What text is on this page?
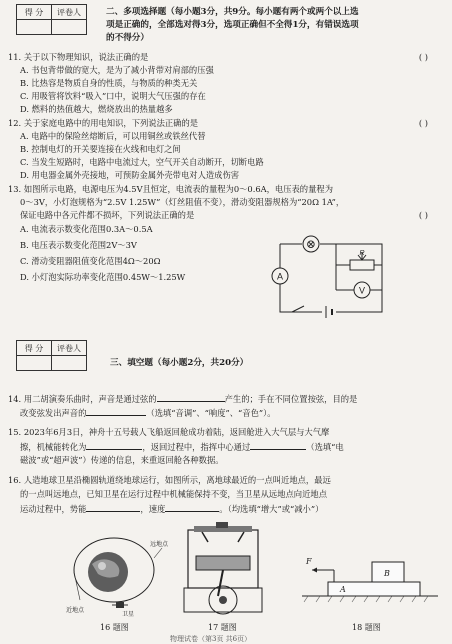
得 分	评卷人
		二、多项选择题（每小题3分，共9分。每小题有两个或两个以上选
项是正确的，全部选对得3分，选项正确但不全得1分，有错误选项
的不得分）
11. 关于以下物理知识，说法正确的是	( )
A. 书包背带做的宽大，是为了减小背带对肩部的压强
B. 比热容是物质自身的性质，与物质的种类无关
C. 用吸管将饮料“吸入”口中，说明大气压强的存在
D. 燃料的热值越大，燃烧放出的热量越多
12. 关于家庭电路中的用电知识，下列说法正确的是	( )
A. 电路中的保险丝熔断后，可以用铜丝或铁丝代替
B. 控制电灯的开关要连接在火线和电灯之间
C. 当发生短路时，电路中电流过大，空气开关自动断开，切断电路
D. 用电器金属外壳接地，可预防金属外壳带电对人造成伤害
13. 如图所示电路，电源电压为4.5V且恒定，电流表的量程为0～0.6A，电压表的量程为
0～3V，小灯泡规格为“2.5V 1.25W”（灯丝阻值不变），滑动变阻器规格为“20Ω 1A”，
保证电路中各元件都不损坏，下列说法正确的是	( )
A. 电流表示数变化范围0.3A～0.5A
B. 电压表示数变化范围2V～3V
C. 滑动变阻器阻值变化范围4Ω～20Ω
D. 小灯泡实际功率变化范围0.45W～1.25W
⊗
A
V
R
得 分	评卷人

三、填空题（每小题2分，共20分）
14. 用二胡演奏乐曲时，声音是通过弦的	产生的；手在不同位置按弦，目的是
改变弦发出声音的	（选填“音调”、“响度”、“音色”）。
15. 2023年6月3日，神舟十五号载人飞船返回舱成功着陆，返回舱进入大气层与大气摩
擦，机械能转化为	，返回过程中，指挥中心通过	（选填“电
磁波”或“超声波”）传递的信息，来重返回舱各种数据。
16. 人造地球卫星沿椭圆轨道绕地球运行，如图所示，离地球最近的一点叫近地点，最远
的一点叫远地点，已知卫星在运行过程中机械能保持不变，当卫星从远地点向近地点
运动过程中，势能	，速度	。（均选填“增大”或“减小”）
远地点
近地点
卫星
F
A
B
16 题图	17 题图	18 题图
物理试卷（第3页 共6页）
